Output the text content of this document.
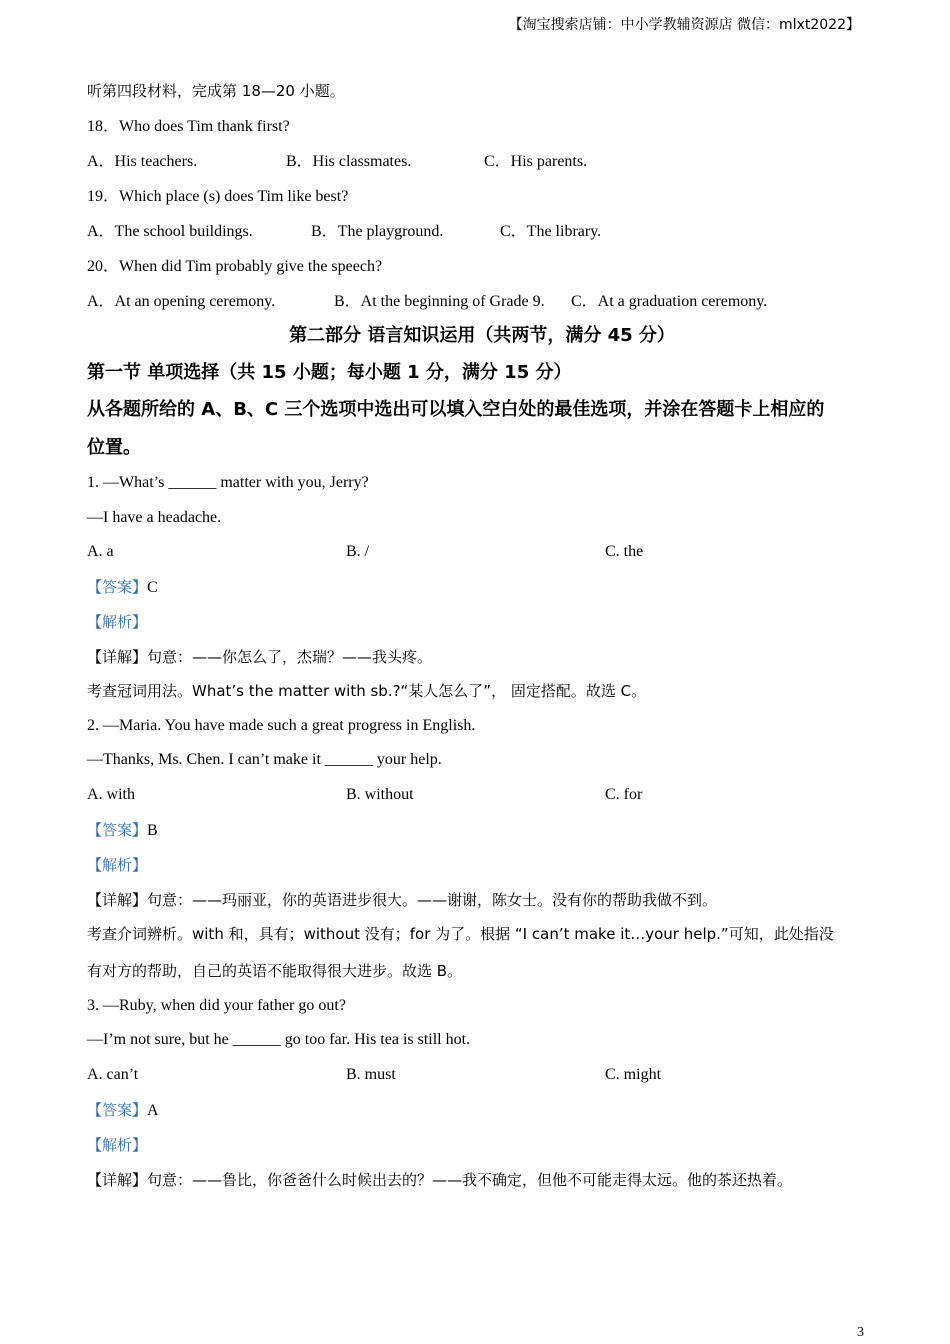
【淘宝搜索店铺：中小学教辅资源店 微信：mlxt2022】
听第四段材料，完成第 18—20 小题。
18．Who does Tim thank first?
A．His teachers.	B．His classmates.	C．His parents.
19．Which place (s) does Tim like best?
A．The school buildings.	B．The playground.	C．The library.
20．When did Tim probably give the speech?
A．At an opening ceremony.	B．At the beginning of Grade 9. C．At a graduation ceremony.
第二部分 语言知识运用（共两节，满分 45 分）
第一节 单项选择（共 15 小题；每小题 1 分，满分 15 分）
从各题所给的 A、B、C 三个选项中选出可以填入空白处的最佳选项，并涂在答题卡上相应的
位置。
1. —What’s ______ matter with you, Jerry?
—I have a headache.
A. a	B. /	C. the
【答案】C
【解析】
【详解】句意：——你怎么了，杰瑞？——我头疼。
考查冠词用法。What’s the matter with sb.?“某人怎么了”， 固定搭配。故选 C。
2. —Maria. You have made such a great progress in English.
—Thanks, Ms. Chen. I can’t make it ______ your help.
A. with	B. without	C. for
【答案】B
【解析】
【详解】句意：——玛丽亚，你的英语进步很大。——谢谢，陈女士。没有你的帮助我做不到。
考查介词辨析。with 和，具有；without 没有；for 为了。根据 “I can’t make it…your help.”可知，此处指没
有对方的帮助，自己的英语不能取得很大进步。故选 B。
3. —Ruby, when did your father go out?
—I’m not sure, but he ______ go too far. His tea is still hot.
A. can’t	B. must	C. might
【答案】A
【解析】
【详解】句意：——鲁比，你爸爸什么时候出去的？——我不确定，但他不可能走得太远。他的茶还热着。
3
